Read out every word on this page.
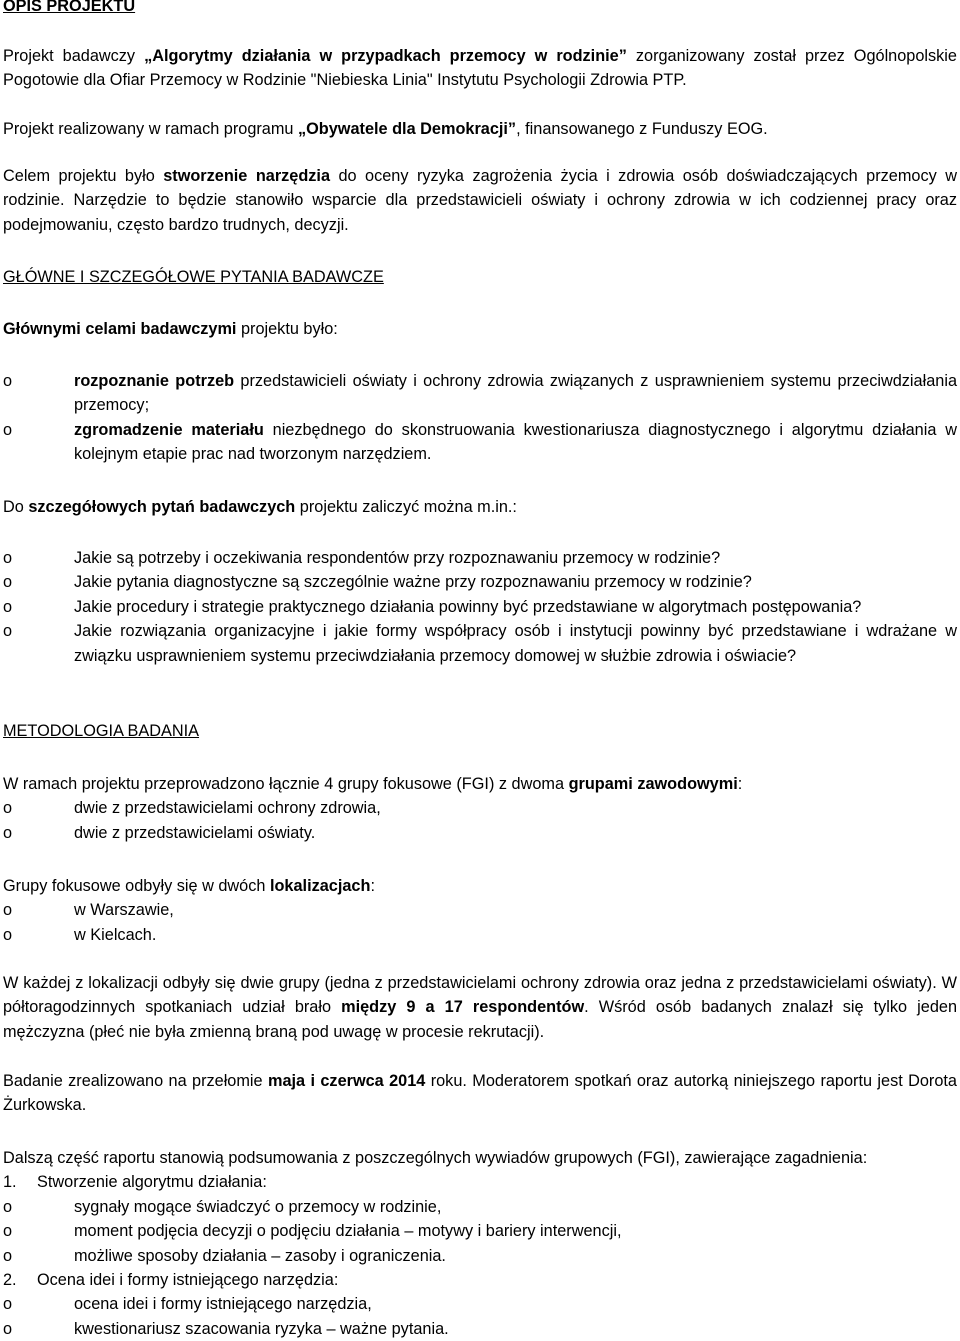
OPIS PROJEKTU

Projekt badawczy „Algorytmy działania w przypadkach przemocy w rodzinie” zorganizowany został przez Ogólnopolskie Pogotowie dla Ofiar Przemocy w Rodzinie "Niebieska Linia" Instytutu Psychologii Zdrowia PTP.

Projekt realizowany w ramach programu „Obywatele dla Demokracji”, finansowanego z Funduszy EOG.

Celem projektu było stworzenie narzędzia do oceny ryzyka zagrożenia życia i zdrowia osób doświadczających przemocy w rodzinie. Narzędzie to będzie stanowiło wsparcie dla przedstawicieli oświaty i ochrony zdrowia w ich codziennej pracy oraz podejmowaniu, często bardzo trudnych, decyzji.

GŁÓWNE I SZCZEGÓŁOWE PYTANIA BADAWCZE

Głównymi celami badawczymi projektu było:

o rozpoznanie potrzeb przedstawicieli oświaty i ochrony zdrowia związanych z usprawnieniem systemu przeciwdziałania przemocy;
o zgromadzenie materiału niezbędnego do skonstruowania kwestionariusza diagnostycznego i algorytmu działania w kolejnym etapie prac nad tworzonym narzędziem.

Do szczegółowych pytań badawczych projektu zaliczyć można m.in.:

o Jakie są potrzeby i oczekiwania respondentów przy rozpoznawaniu przemocy w rodzinie?
o Jakie pytania diagnostyczne są szczególnie ważne przy rozpoznawaniu przemocy w rodzinie?
o Jakie procedury i strategie praktycznego działania powinny być przedstawiane w algorytmach postępowania?
o Jakie rozwiązania organizacyjne i jakie formy współpracy osób i instytucji powinny być przedstawiane i wdrażane w związku usprawnieniem systemu przeciwdziałania przemocy domowej w służbie zdrowia i oświacie?
METODOLOGIA BADANIA

W ramach projektu przeprowadzono łącznie 4 grupy fokusowe (FGI) z dwoma grupami zawodowymi:

o dwie z przedstawicielami ochrony zdrowia,
o dwie z przedstawicielami oświaty.

Grupy fokusowe odbyły się w dwóch lokalizacjach:

o w Warszawie,
o w Kielcach.

W każdej z lokalizacji odbyły się dwie grupy (jedna z przedstawicielami ochrony zdrowia oraz jedna z przedstawicielami oświaty). W półtoragodzinnych spotkaniach udział brało między 9 a 17 respondentów. Wśród osób badanych znalazł się tylko jeden mężczyzna (płeć nie była zmienną braną pod uwagę w procesie rekrutacji).

Badanie zrealizowano na przełomie maja i czerwca 2014 roku. Moderatorem spotkań oraz autorką niniejszego raportu jest Dorota Żurkowska.

Dalszą część raportu stanowią podsumowania z poszczególnych wywiadów grupowych (FGI), zawierające zagadnienia:

1. Stworzenie algorytmu działania:
o sygnały mogące świadczyć o przemocy w rodzinie,
o moment podjęcia decyzji o podjęciu działania – motywy i bariery interwencji,
o możliwe sposoby działania – zasoby i ograniczenia.
2. Ocena idei i formy istniejącego narzędzia:
o ocena idei i formy istniejącego narzędzia,
o kwestionariusz szacowania ryzyka – ważne pytania.
